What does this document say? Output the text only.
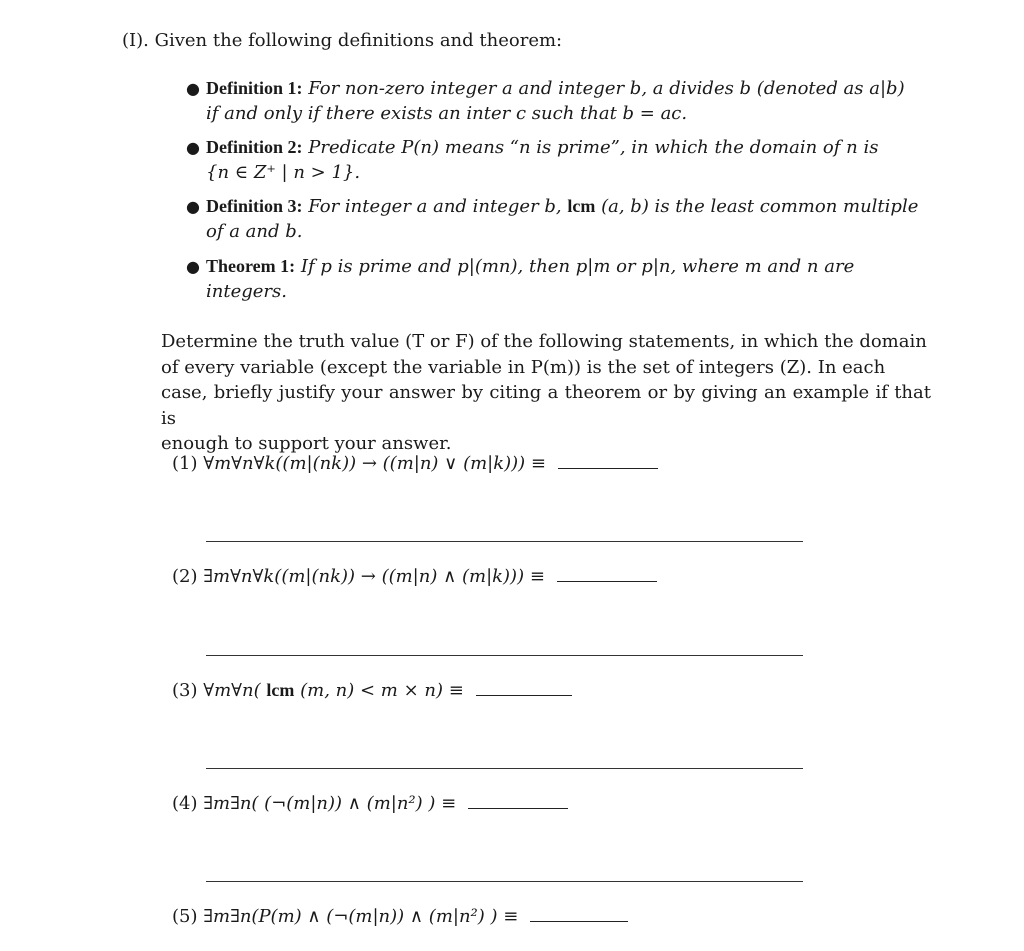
(I). Given the following definitions and theorem:
● Definition 1: For non-zero integer a and integer b, a divides b (denoted as a|b)
if and only if there exists an inter c such that b = ac.
● Definition 2: Predicate P(n) means “n is prime”, in which the domain of n is
{n ∈ Z⁺ | n > 1}.
● Definition 3: For integer a and integer b, lcm (a, b) is the least common multiple
of a and b.
● Theorem 1: If p is prime and p|(mn), then p|m or p|n, where m and n are
integers.
Determine the truth value (T or F) of the following statements, in which the domain
of every variable (except the variable in P(m)) is the set of integers (Z). In each
case, briefly justify your answer by citing a theorem or by giving an example if that is
enough to support your answer.
(1) ∀m∀n∀k((m|(nk)) → ((m|n) ∨ (m|k))) ≡
(2) ∃m∀n∀k((m|(nk)) → ((m|n) ∧ (m|k))) ≡
(3) ∀m∀n( lcm (m, n) < m × n) ≡
(4) ∃m∃n( (¬(m|n)) ∧ (m|n²) ) ≡
(5) ∃m∃n(P(m) ∧ (¬(m|n)) ∧ (m|n²) ) ≡
